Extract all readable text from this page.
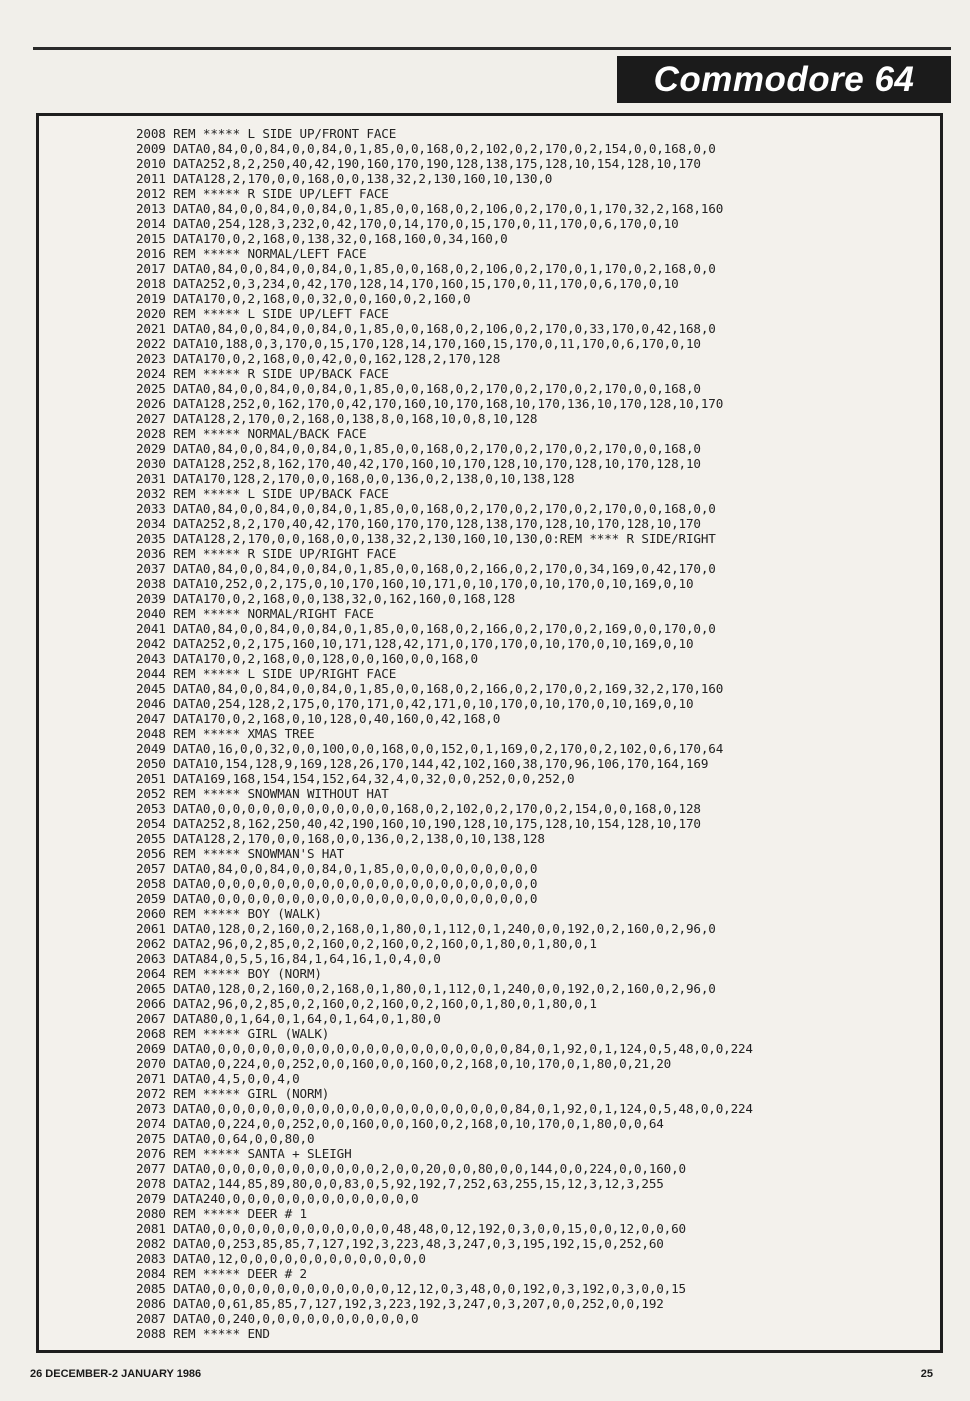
Commodore 64
2008 REM ***** L SIDE UP/FRONT FACE
2009 DATA0,84,0,0,84,0,0,84,0,1,85,0,0,168,0,2,102,0,2,170,0,2,154,0,0,168,0,0
2010 DATA252,8,2,250,40,42,190,160,170,190,128,138,175,128,10,154,128,10,170
2011 DATA128,2,170,0,0,168,0,0,138,32,2,130,160,10,130,0
2012 REM ***** R SIDE UP/LEFT FACE
2013 DATA0,84,0,0,84,0,0,84,0,1,85,0,0,168,0,2,106,0,2,170,0,1,170,32,2,168,160
2014 DATA0,254,128,3,232,0,42,170,0,14,170,0,15,170,0,11,170,0,6,170,0,10
2015 DATA170,0,2,168,0,138,32,0,168,160,0,34,160,0
2016 REM ***** NORMAL/LEFT FACE
2017 DATA0,84,0,0,84,0,0,84,0,1,85,0,0,168,0,2,106,0,2,170,0,1,170,0,2,168,0,0
2018 DATA252,0,3,234,0,42,170,128,14,170,160,15,170,0,11,170,0,6,170,0,10
2019 DATA170,0,2,168,0,0,32,0,0,160,0,2,160,0
2020 REM ***** L SIDE UP/LEFT FACE
2021 DATA0,84,0,0,84,0,0,84,0,1,85,0,0,168,0,2,106,0,2,170,0,33,170,0,42,168,0
2022 DATA10,188,0,3,170,0,15,170,128,14,170,160,15,170,0,11,170,0,6,170,0,10
2023 DATA170,0,2,168,0,0,42,0,0,162,128,2,170,128
2024 REM ***** R SIDE UP/BACK FACE
2025 DATA0,84,0,0,84,0,0,84,0,1,85,0,0,168,0,2,170,0,2,170,0,2,170,0,0,168,0
2026 DATA128,252,0,162,170,0,42,170,160,10,170,168,10,170,136,10,170,128,10,170
2027 DATA128,2,170,0,2,168,0,138,8,0,168,10,0,8,10,128
2028 REM ***** NORMAL/BACK FACE
2029 DATA0,84,0,0,84,0,0,84,0,1,85,0,0,168,0,2,170,0,2,170,0,2,170,0,0,168,0
2030 DATA128,252,8,162,170,40,42,170,160,10,170,128,10,170,128,10,170,128,10
2031 DATA170,128,2,170,0,0,168,0,0,136,0,2,138,0,10,138,128
2032 REM ***** L SIDE UP/BACK FACE
2033 DATA0,84,0,0,84,0,0,84,0,1,85,0,0,168,0,2,170,0,2,170,0,2,170,0,0,168,0,0
2034 DATA252,8,2,170,40,42,170,160,170,170,128,138,170,128,10,170,128,10,170
2035 DATA128,2,170,0,0,168,0,0,138,32,2,130,160,10,130,0:REM **** R SIDE/RIGHT
2036 REM ***** R SIDE UP/RIGHT FACE
2037 DATA0,84,0,0,84,0,0,84,0,1,85,0,0,168,0,2,166,0,2,170,0,34,169,0,42,170,0
2038 DATA10,252,0,2,175,0,10,170,160,10,171,0,10,170,0,10,170,0,10,169,0,10
2039 DATA170,0,2,168,0,0,138,32,0,162,160,0,168,128
2040 REM ***** NORMAL/RIGHT FACE
2041 DATA0,84,0,0,84,0,0,84,0,1,85,0,0,168,0,2,166,0,2,170,0,2,169,0,0,170,0,0
2042 DATA252,0,2,175,160,10,171,128,42,171,0,170,170,0,10,170,0,10,169,0,10
2043 DATA170,0,2,168,0,0,128,0,0,160,0,0,168,0
2044 REM ***** L SIDE UP/RIGHT FACE
2045 DATA0,84,0,0,84,0,0,84,0,1,85,0,0,168,0,2,166,0,2,170,0,2,169,32,2,170,160
2046 DATA0,254,128,2,175,0,170,171,0,42,171,0,10,170,0,10,170,0,10,169,0,10
2047 DATA170,0,2,168,0,10,128,0,40,160,0,42,168,0
2048 REM ***** XMAS TREE
2049 DATA0,16,0,0,32,0,0,100,0,0,168,0,0,152,0,1,169,0,2,170,0,2,102,0,6,170,64
2050 DATA10,154,128,9,169,128,26,170,144,42,102,160,38,170,96,106,170,164,169
2051 DATA169,168,154,154,152,64,32,4,0,32,0,0,252,0,0,252,0
2052 REM ***** SNOWMAN WITHOUT HAT
2053 DATA0,0,0,0,0,0,0,0,0,0,0,0,0,168,0,2,102,0,2,170,0,2,154,0,0,168,0,128
2054 DATA252,8,162,250,40,42,190,160,10,190,128,10,175,128,10,154,128,10,170
2055 DATA128,2,170,0,0,168,0,0,136,0,2,138,0,10,138,128
2056 REM ***** SNOWMAN'S HAT
2057 DATA0,84,0,0,84,0,0,84,0,1,85,0,0,0,0,0,0,0,0,0,0
2058 DATA0,0,0,0,0,0,0,0,0,0,0,0,0,0,0,0,0,0,0,0,0,0,0
2059 DATA0,0,0,0,0,0,0,0,0,0,0,0,0,0,0,0,0,0,0,0,0,0,0
2060 REM ***** BOY (WALK)
2061 DATA0,128,0,2,160,0,2,168,0,1,80,0,1,112,0,1,240,0,0,192,0,2,160,0,2,96,0
2062 DATA2,96,0,2,85,0,2,160,0,2,160,0,2,160,0,1,80,0,1,80,0,1
2063 DATA84,0,5,5,16,84,1,64,16,1,0,4,0,0
2064 REM ***** BOY (NORM)
2065 DATA0,128,0,2,160,0,2,168,0,1,80,0,1,112,0,1,240,0,0,192,0,2,160,0,2,96,0
2066 DATA2,96,0,2,85,0,2,160,0,2,160,0,2,160,0,1,80,0,1,80,0,1
2067 DATA80,0,1,64,0,1,64,0,1,64,0,1,80,0
2068 REM ***** GIRL (WALK)
2069 DATA0,0,0,0,0,0,0,0,0,0,0,0,0,0,0,0,0,0,0,0,0,84,0,1,92,0,1,124,0,5,48,0,0,224
2070 DATA0,0,224,0,0,252,0,0,160,0,0,160,0,2,168,0,10,170,0,1,80,0,21,20
2071 DATA0,4,5,0,0,4,0
2072 REM ***** GIRL (NORM)
2073 DATA0,0,0,0,0,0,0,0,0,0,0,0,0,0,0,0,0,0,0,0,0,84,0,1,92,0,1,124,0,5,48,0,0,224
2074 DATA0,0,224,0,0,252,0,0,160,0,0,160,0,2,168,0,10,170,0,1,80,0,0,64
2075 DATA0,0,64,0,0,80,0
2076 REM ***** SANTA + SLEIGH
2077 DATA0,0,0,0,0,0,0,0,0,0,0,0,2,0,0,20,0,0,80,0,0,144,0,0,224,0,0,160,0
2078 DATA2,144,85,89,80,0,0,83,0,5,92,192,7,252,63,255,15,12,3,12,3,255
2079 DATA240,0,0,0,0,0,0,0,0,0,0,0,0,0
2080 REM ***** DEER # 1
2081 DATA0,0,0,0,0,0,0,0,0,0,0,0,0,48,48,0,12,192,0,3,0,0,15,0,0,12,0,0,60
2082 DATA0,0,253,85,85,7,127,192,3,223,48,3,247,0,3,195,192,15,0,252,60
2083 DATA0,12,0,0,0,0,0,0,0,0,0,0,0,0,0
2084 REM ***** DEER # 2
2085 DATA0,0,0,0,0,0,0,0,0,0,0,0,0,12,12,0,3,48,0,0,192,0,3,192,0,3,0,0,15
2086 DATA0,0,61,85,85,7,127,192,3,223,192,3,247,0,3,207,0,0,252,0,0,192
2087 DATA0,0,240,0,0,0,0,0,0,0,0,0,0,0
2088 REM ***** END
26 DECEMBER-2 JANUARY 1986	25
